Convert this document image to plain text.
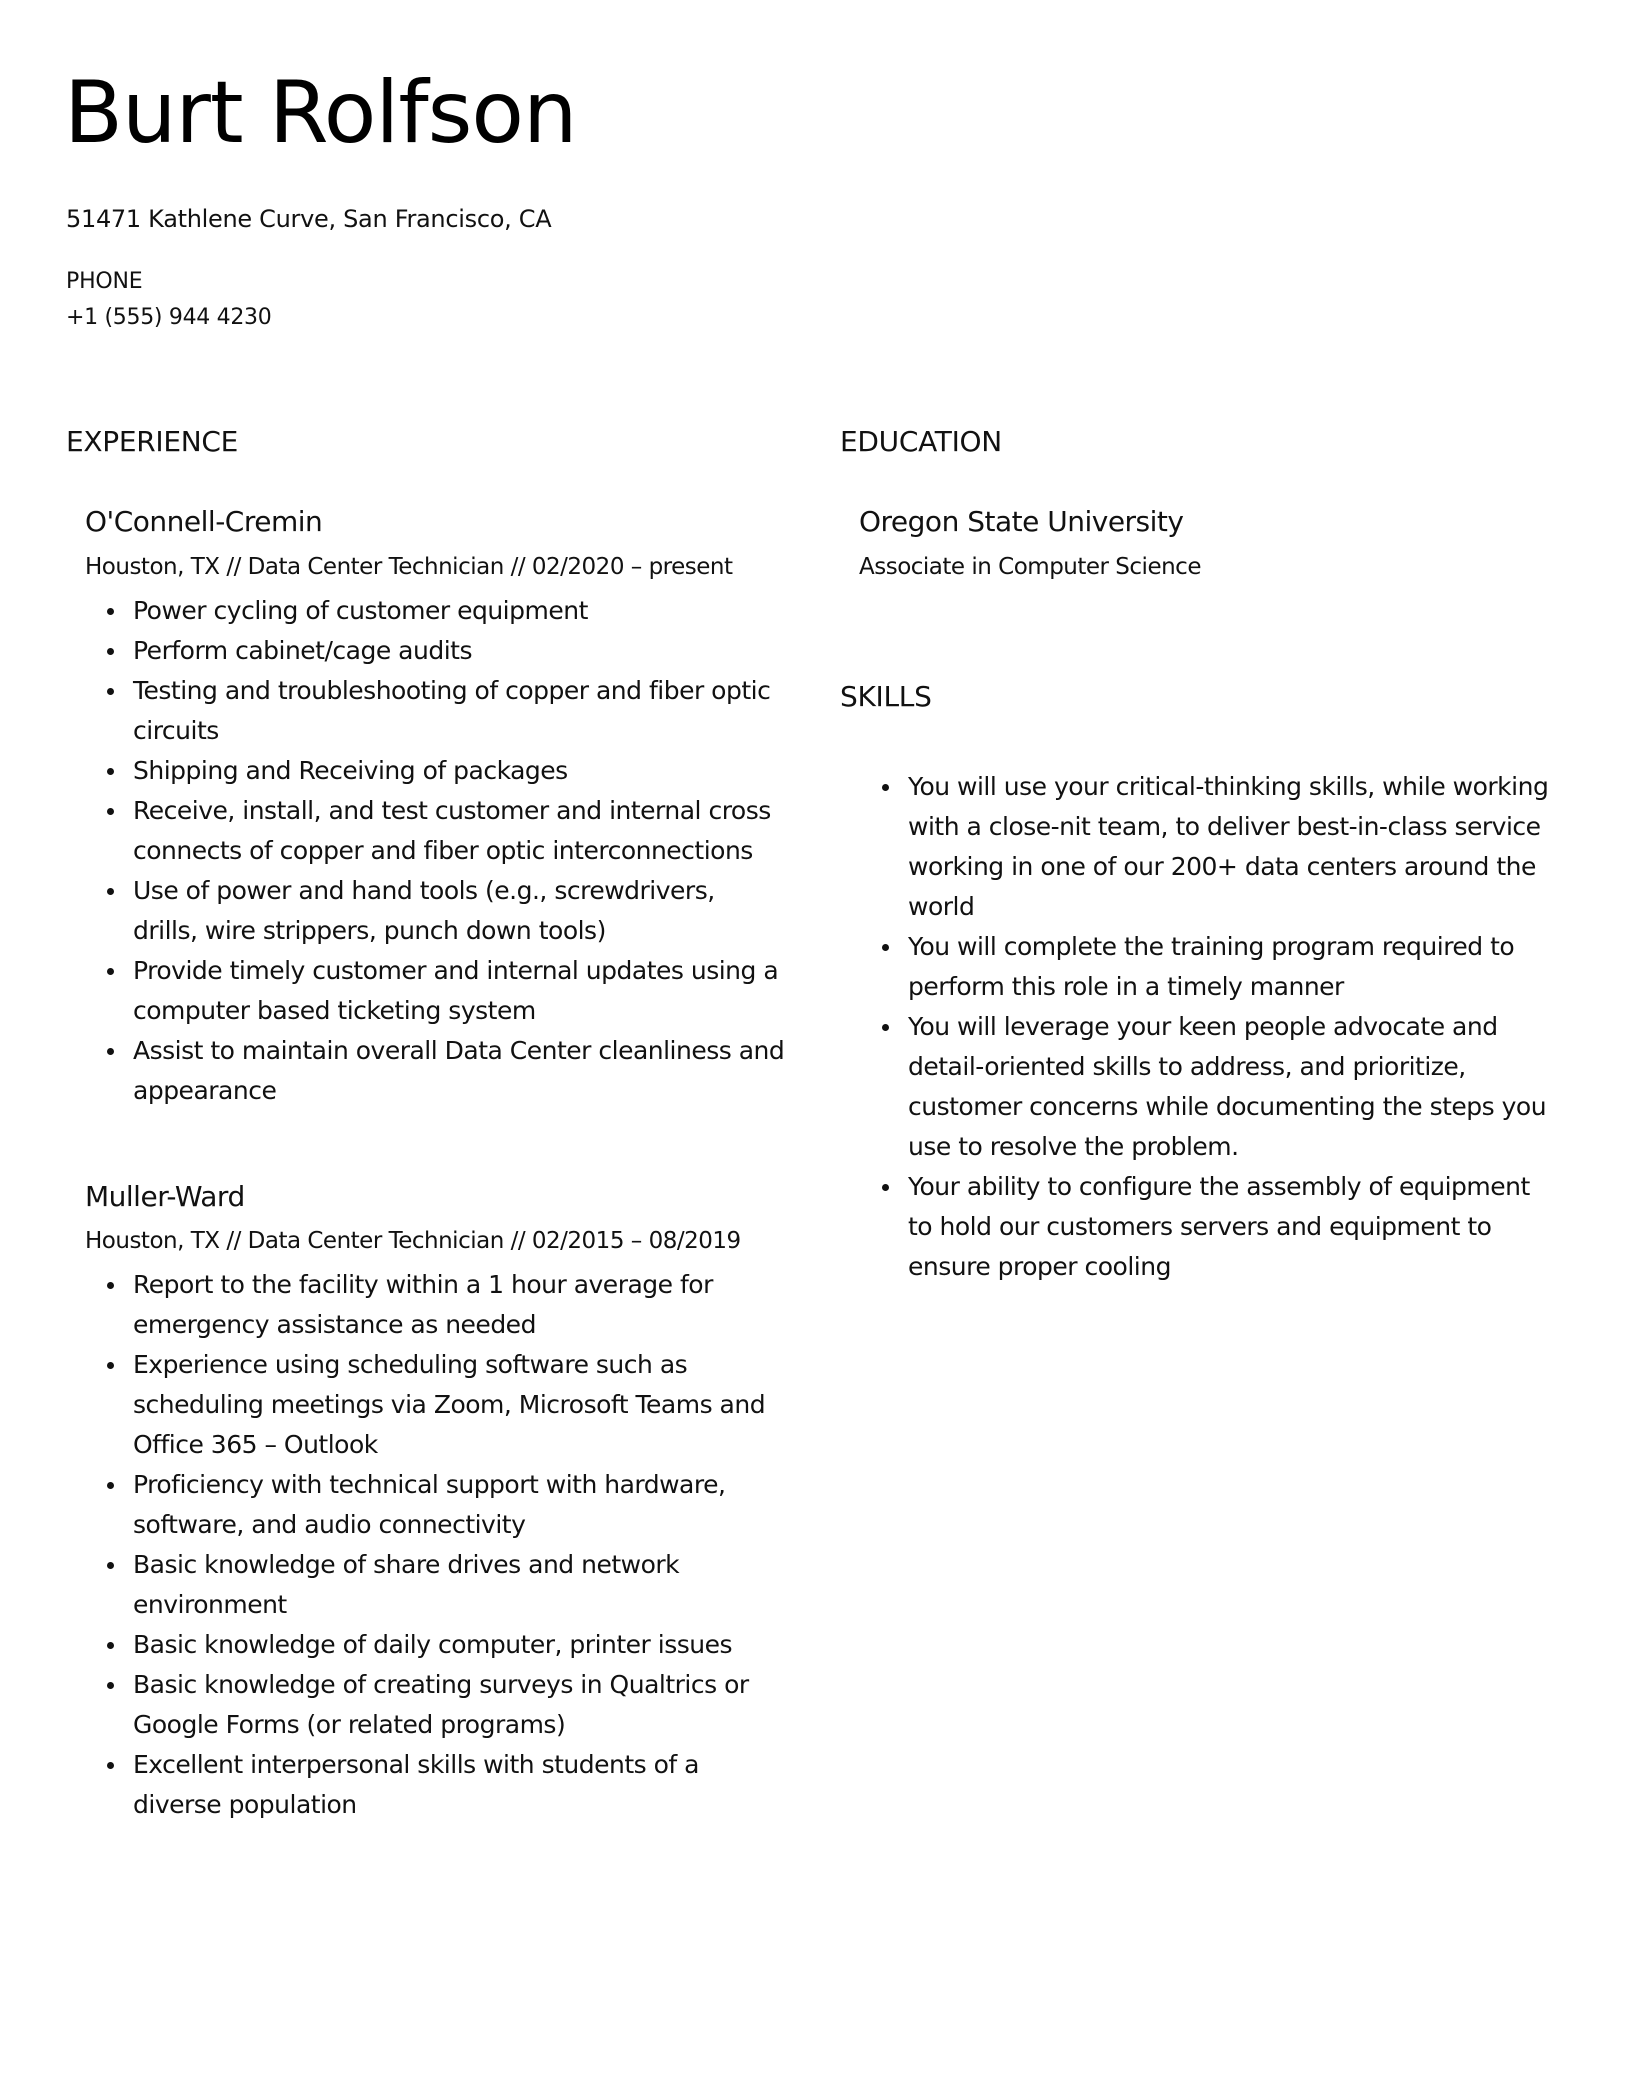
Burt Rolfson
51471 Kathlene Curve, San Francisco, CA
PHONE
+1 (555) 944 4230
EXPERIENCE
O'Connell-Cremin
Houston, TX // Data Center Technician // 02/2020 – present
Power cycling of customer equipment
Perform cabinet/cage audits
Testing and troubleshooting of copper and fiber optic circuits
Shipping and Receiving of packages
Receive, install, and test customer and internal cross connects of copper and fiber optic interconnections
Use of power and hand tools (e.g., screwdrivers, drills, wire strippers, punch down tools)
Provide timely customer and internal updates using a computer based ticketing system
Assist to maintain overall Data Center cleanliness and appearance
Muller-Ward
Houston, TX // Data Center Technician // 02/2015 – 08/2019
Report to the facility within a 1 hour average for emergency assistance as needed
Experience using scheduling software such as scheduling meetings via Zoom, Microsoft Teams and Office 365 – Outlook
Proficiency with technical support with hardware, software, and audio connectivity
Basic knowledge of share drives and network environment
Basic knowledge of daily computer, printer issues
Basic knowledge of creating surveys in Qualtrics or Google Forms (or related programs)
Excellent interpersonal skills with students of a diverse population
EDUCATION
Oregon State University
Associate in Computer Science
SKILLS
You will use your critical-thinking skills, while working with a close-nit team, to deliver best-in-class service working in one of our 200+ data centers around the world
You will complete the training program required to perform this role in a timely manner
You will leverage your keen people advocate and detail-oriented skills to address, and prioritize, customer concerns while documenting the steps you use to resolve the problem.
Your ability to configure the assembly of equipment to hold our customers servers and equipment to ensure proper cooling
